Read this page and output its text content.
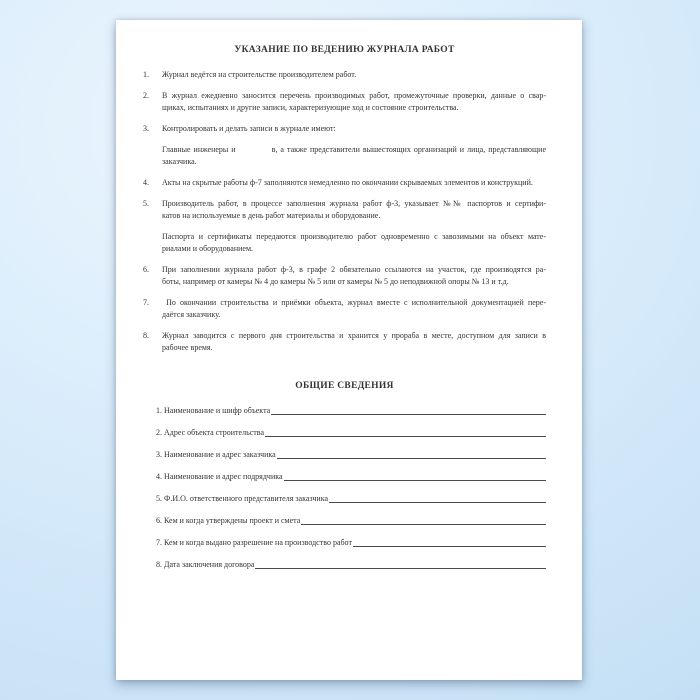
УКАЗАНИЕ ПО ВЕДЕНИЮ ЖУРНАЛА РАБОТ
1.	Журнал ведётся на строительстве производителем работ.
2.	В журнал ежедневно заносится перечень производимых работ, промежуточные проверки, данные о свар-
щиках, испытаниях и другие записи, характеризующие ход и состояние строительства.
3.	Контролировать и делать записи в журнале имеют:
Главные инженеры и            в, а также представители вышестоящих организаций и лица, представляющие
заказчика.
4.	Акты на скрытые работы ф-7 заполняются немедленно по окончании скрываемых элементов и конструкций.
5.	Производитель работ, в процессе заполнения журнала работ ф-3, указывает №№ паспортов и сертифи-
катов на используемые в день работ материалы и оборудование.
Паспорта и сертификаты передаются производителю работ одновременно с завозимыми на объект мате-
риалами и оборудованием.
6.	При заполнении журнала работ ф-3, в графе 2 обязательно ссылаются на участок, где производятся ра-
боты, например от камеры № 4 до камеры № 5 или от камеры № 5 до неподвижной опоры № 13 и т.д.
7.	По окончании строительства и приёмки объекта, журнал вместе с исполнительной документацией пере-
даётся заказчику.
8.	Журнал заводится с первого дня строительства и хранится у прораба в месте, доступном для записи в
рабочее время.
ОБЩИЕ СВЕДЕНИЯ
1. Наименование и шифр объекта
2. Адрес объекта строительства
3. Наименование и адрес заказчика
4. Наименование и адрес подрядчика
5. Ф.И.О. ответственного представителя заказчика
6. Кем и когда утверждены проект и смета
7. Кем и когда выдано разрешение на производство работ
8. Дата заключения договора
